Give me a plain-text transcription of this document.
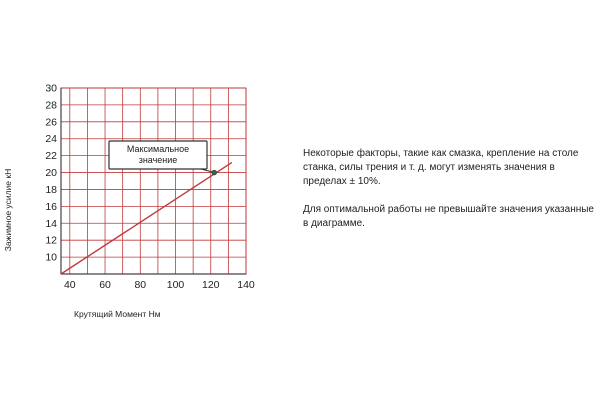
40 60 80 100 120 140
10
12
14
16
18
20
22
24
26
28
30
Максимальное
значение
Крутящий Момент Нм
Зажимное усилие кН

Некоторые факторы, такие как смазка, крепление на столе станка, силы трения и т. д. могут изменять значения в пределах ± 10%.

Для оптимальной работы не превышайте значения указанные в диаграмме.
